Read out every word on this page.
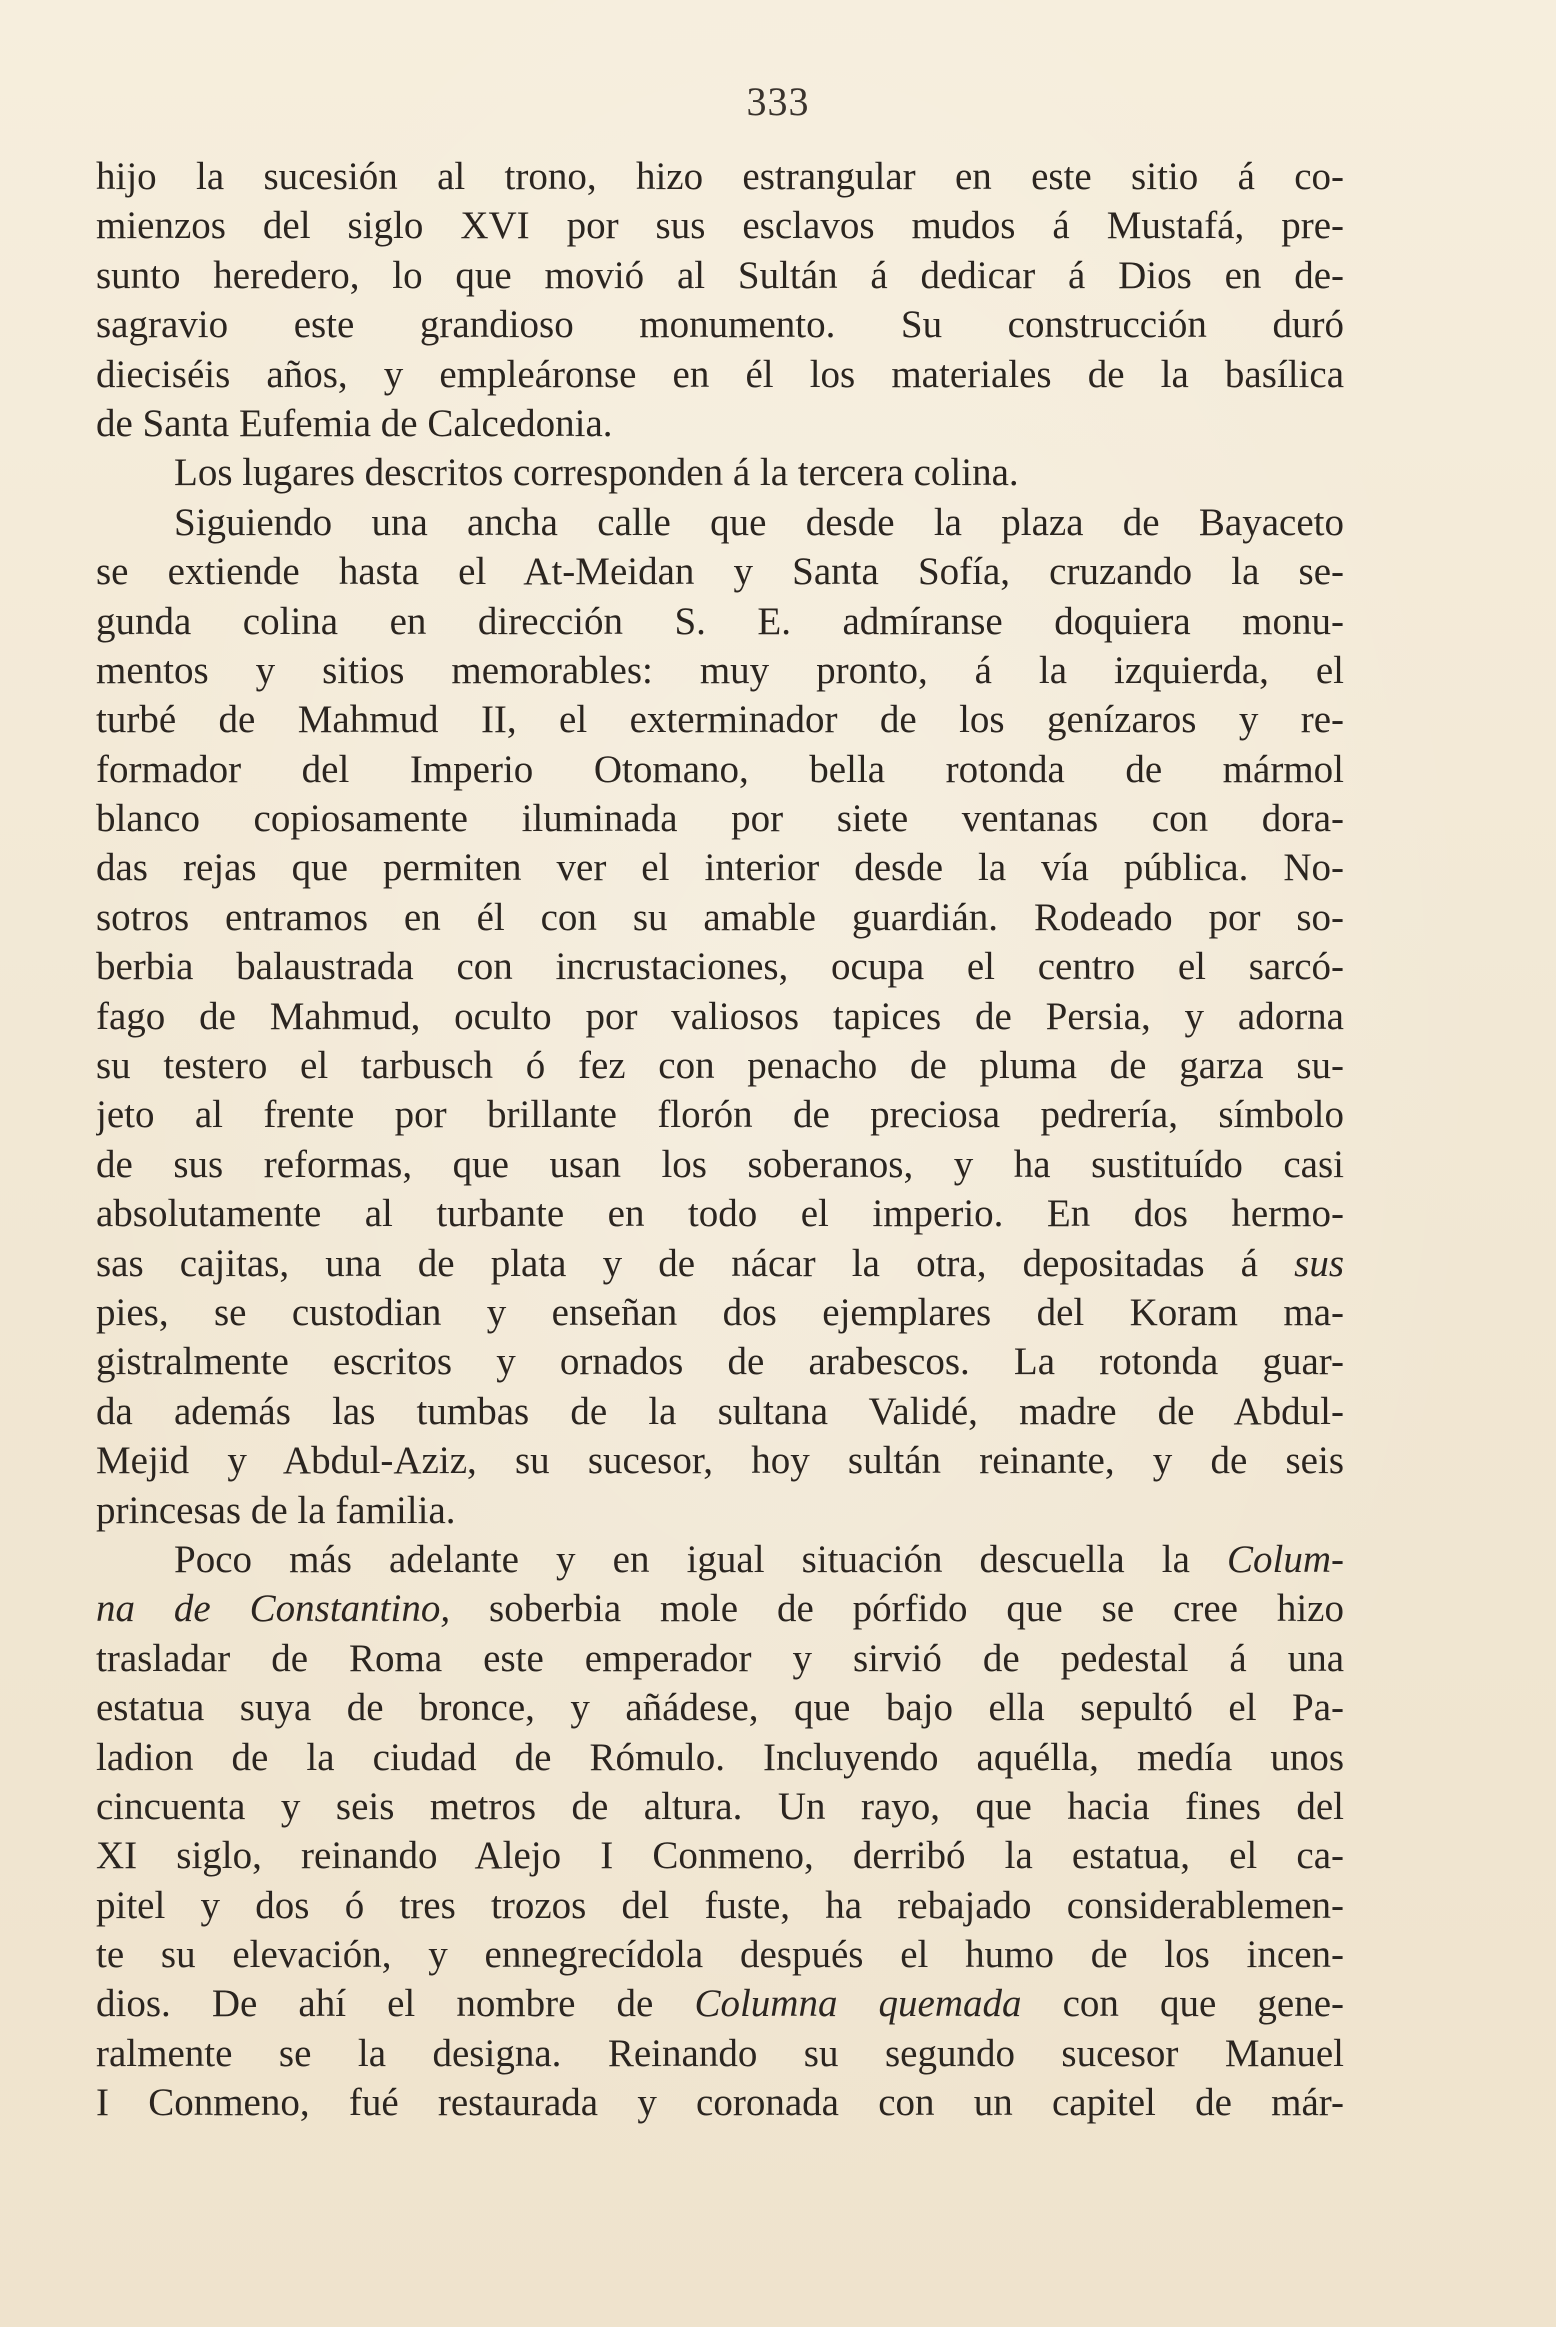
333
hijo la sucesión al trono, hizo estrangular en este sitio á co-
mienzos del siglo XVI por sus esclavos mudos á Mustafá, pre-
sunto heredero, lo que movió al Sultán á dedicar á Dios en de-
sagravio este grandioso monumento. Su construcción duró
dieciséis años, y empleáronse en él los materiales de la basílica
de Santa Eufemia de Calcedonia.
Los lugares descritos corresponden á la tercera colina.
Siguiendo una ancha calle que desde la plaza de Bayaceto
se extiende hasta el At-Meidan y Santa Sofía, cruzando la se-
gunda colina en dirección S. E. admíranse doquiera monu-
mentos y sitios memorables: muy pronto, á la izquierda, el
turbé de Mahmud II, el exterminador de los genízaros y re-
formador del Imperio Otomano, bella rotonda de mármol
blanco copiosamente iluminada por siete ventanas con dora-
das rejas que permiten ver el interior desde la vía pública. No-
sotros entramos en él con su amable guardián. Rodeado por so-
berbia balaustrada con incrustaciones, ocupa el centro el sarcó-
fago de Mahmud, oculto por valiosos tapices de Persia, y adorna
su testero el tarbusch ó fez con penacho de pluma de garza su-
jeto al frente por brillante florón de preciosa pedrería, símbolo
de sus reformas, que usan los soberanos, y ha sustituído casi
absolutamente al turbante en todo el imperio. En dos hermo-
sas cajitas, una de plata y de nácar la otra, depositadas á sus
pies, se custodian y enseñan dos ejemplares del Koram ma-
gistralmente escritos y ornados de arabescos. La rotonda guar-
da además las tumbas de la sultana Validé, madre de Abdul-
Mejid y Abdul-Aziz, su sucesor, hoy sultán reinante, y de seis
princesas de la familia.
Poco más adelante y en igual situación descuella la Colum-
na de Constantino, soberbia mole de pórfido que se cree hizo
trasladar de Roma este emperador y sirvió de pedestal á una
estatua suya de bronce, y añádese, que bajo ella sepultó el Pa-
ladion de la ciudad de Rómulo. Incluyendo aquélla, medía unos
cincuenta y seis metros de altura. Un rayo, que hacia fines del
XI siglo, reinando Alejo I Conmeno, derribó la estatua, el ca-
pitel y dos ó tres trozos del fuste, ha rebajado considerablemen-
te su elevación, y ennegrecídola después el humo de los incen-
dios. De ahí el nombre de Columna quemada con que gene-
ralmente se la designa. Reinando su segundo sucesor Manuel
I Conmeno, fué restaurada y coronada con un capitel de már-
